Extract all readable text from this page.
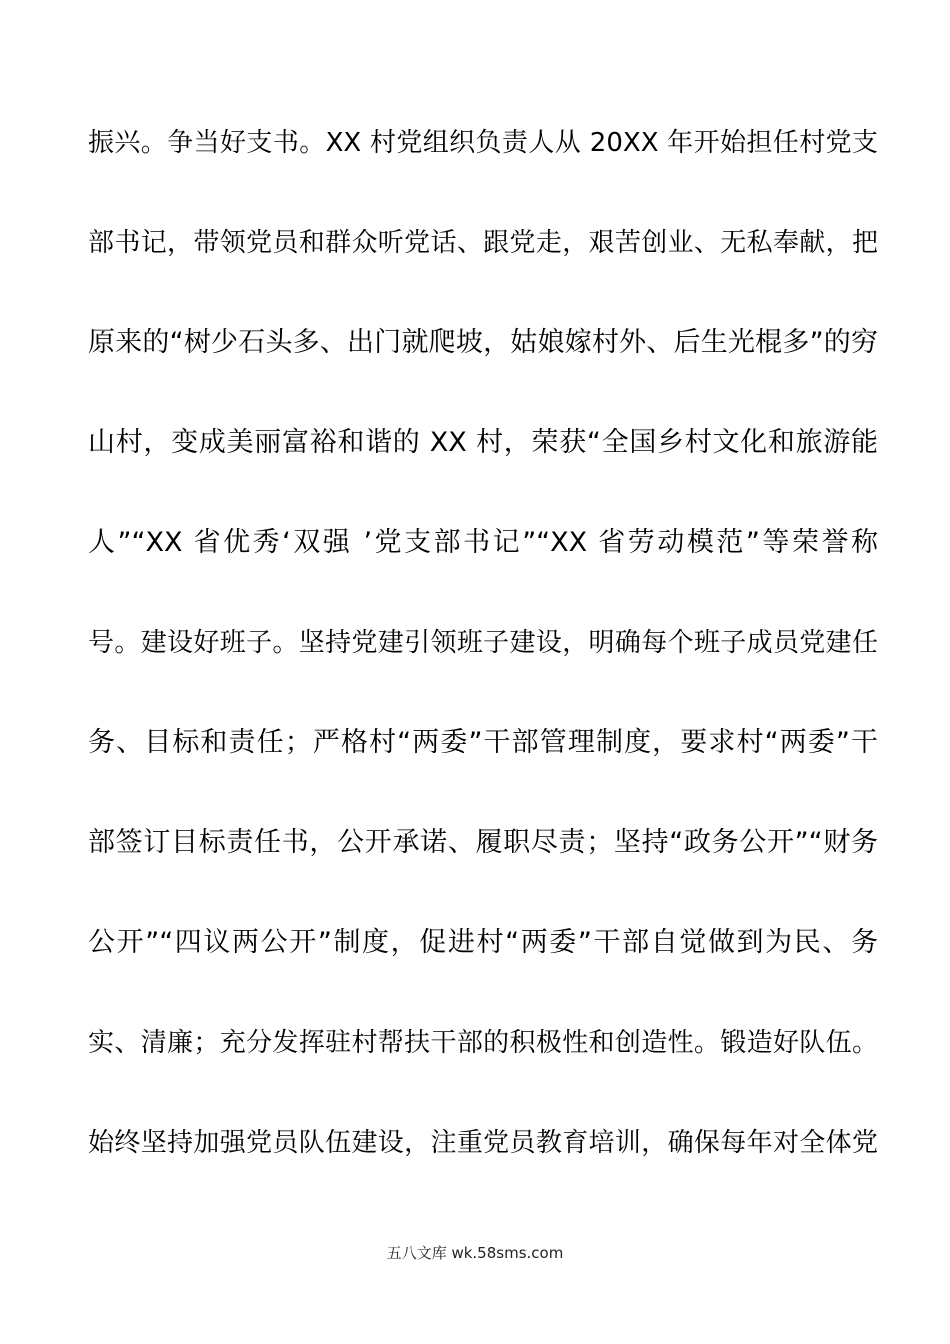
振兴。争当好支书。XX 村党组织负责人从 20XX 年开始担任村党支
部书记，带领党员和群众听党话、跟党走，艰苦创业、无私奉献，把
原来的“树少石头多、出门就爬坡，姑娘嫁村外、后生光棍多”的穷
山村，变成美丽富裕和谐的 XX 村，荣获“全国乡村文化和旅游能
人”“XX 省优秀‘双强 ’党支部书记”“XX 省劳动模范”等荣誉称
号。建设好班子。坚持党建引领班子建设，明确每个班子成员党建任
务、目标和责任；严格村“两委”干部管理制度，要求村“两委”干
部签订目标责任书，公开承诺、履职尽责；坚持“政务公开”“财务
公开”“四议两公开”制度，促进村“两委”干部自觉做到为民、务
实、清廉；充分发挥驻村帮扶干部的积极性和创造性。锻造好队伍。
始终坚持加强党员队伍建设，注重党员教育培训，确保每年对全体党
五八文库 wk.58sms.com
